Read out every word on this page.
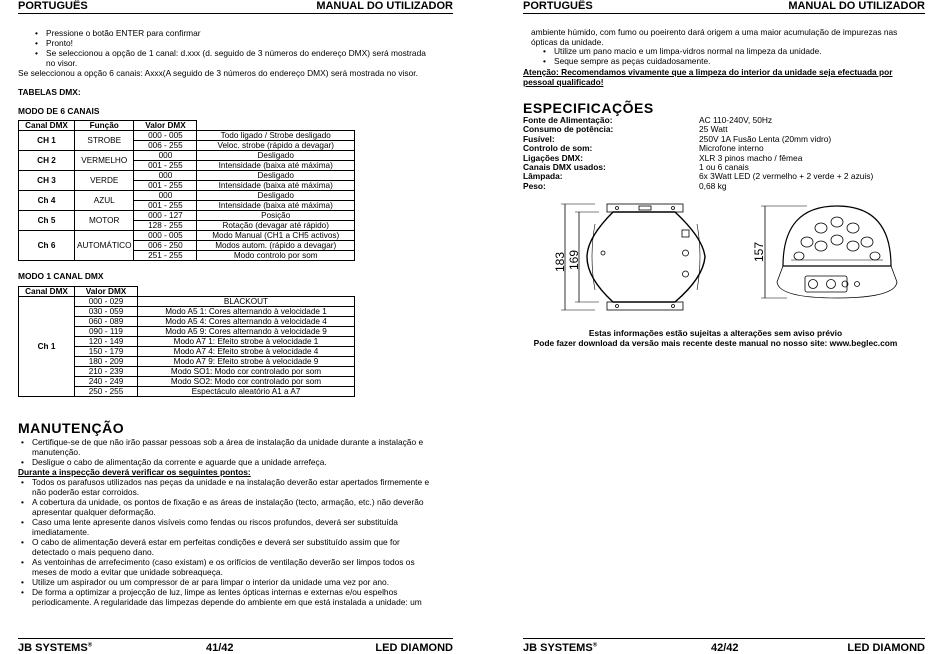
PORTUGUÊS	MANUAL DO UTILIZADOR
• Pressione o botão ENTER para confirmar
• Pronto!
• Se seleccionou a opção de 1 canal: d.xxx (d. seguido de 3 números do endereço DMX) será mostrada no visor.
Se seleccionou a opção 6 canais: Axxx(A seguido de 3 números do endereço DMX) será mostrada no visor.
TABELAS DMX:
MODO DE 6 CANAIS
Canal DMX	Função	Valor DMX	
CH 1	STROBE	000 - 005	Todo ligado / Strobe desligado
		006 - 255	Veloc. strobe (rápido a devagar)
CH 2	VERMELHO	000	Desligado
		001 - 255	Intensidade (baixa até máxima)
CH 3	VERDE	000	Desligado
		001 - 255	Intensidade (baixa até máxima)
Ch 4	AZUL	000	Desligado
		001 - 255	Intensidade (baixa até máxima)
Ch 5	MOTOR	000 - 127	Posição
		128 - 255	Rotação (devagar até rápido)
Ch 6	AUTOMÁTICO	000 - 005	Modo Manual (CH1 a CH5 activos)
		006 - 250	Modos autom. (rápido a devagar)
		251 - 255	Modo controlo por som
MODO 1 CANAL DMX
Canal DMX	Valor DMX	
Ch 1	000 - 029	BLACKOUT
	030 - 059	Modo A5 1: Cores alternando à velocidade 1
	060 - 089	Modo A5 4: Cores alternando à velocidade 4
	090 - 119	Modo A5 9: Cores alternando à velocidade 9
	120 - 149	Modo A7 1: Efeito strobe à velocidade 1
	150 - 179	Modo A7 4: Efeito strobe à velocidade 4
	180 - 209	Modo A7 9: Efeito strobe à velocidade 9
	210 - 239	Modo SO1: Modo cor controlado por som
	240 - 249	Modo SO2: Modo cor controlado por som
	250 - 255	Espectáculo aleatório A1 a A7
MANUTENÇÃO
• Certifique-se de que não irão passar pessoas sob a área de instalação da unidade durante a instalação e manutenção.
• Desligue o cabo de alimentação da corrente e aguarde que a unidade arrefeça.
Durante a inspecção deverá verificar os seguintes pontos:
• Todos os parafusos utilizados nas peças da unidade e na instalação deverão estar apertados firmemente e não poderão estar corroidos.
• A cobertura da unidade, os pontos de fixação e as áreas de instalação (tecto, armação, etc.) não deverão apresentar qualquer deformação.
• Caso uma lente apresente danos visíveis como fendas ou riscos profundos, deverá ser substituída imediatamente.
• O cabo de alimentação deverá estar em perfeitas condições e deverá ser substituído assim que for detectado o mais pequeno dano.
• As ventoinhas de arrefecimento (caso existam) e os orifícios de ventilação deverão ser limpos todos os meses de modo a evitar que unidade sobreaqueça.
• Utilize um aspirador ou um compressor de ar para limpar o interior da unidade uma vez por ano.
• De forma a optimizar a projecção de luz, limpe as lentes ópticas internas e externas e/ou espelhos periodicamente. A regularidade das limpezas depende do ambiente em que está instalada a unidade: um
JB SYSTEMS®	41/42	LED DIAMOND
PORTUGUÊS	MANUAL DO UTILIZADOR
ambiente húmido, com fumo ou poeirento dará origem a uma maior acumulação de impurezas nas ópticas da unidade.
• Utilize um pano macio e um limpa-vidros normal na limpeza da unidade.
• Seque sempre as peças cuidadosamente.
Atenção: Recomendamos vivamente que a limpeza do interior da unidade seja efectuada por pessoal qualificado!
ESPECIFICAÇÕES
Fonte de Alimentação:	AC 110-240V, 50Hz
Consumo de potência:	25 Watt
Fusível:	250V 1A Fusão Lenta (20mm vidro)
Controlo de som:	Microfone interno
Ligações DMX:	XLR 3 pinos macho / fêmea
Canais DMX usados:	1 ou 6 canais
Lâmpada:	6x 3Watt LED (2 vermelho + 2 verde + 2 azuis)
Peso:	0,68 kg
183 169	157
Estas informações estão sujeitas a alterações sem aviso prévio
Pode fazer download da versão mais recente deste manual no nosso site: www.beglec.com
JB SYSTEMS®	42/42	LED DIAMOND
